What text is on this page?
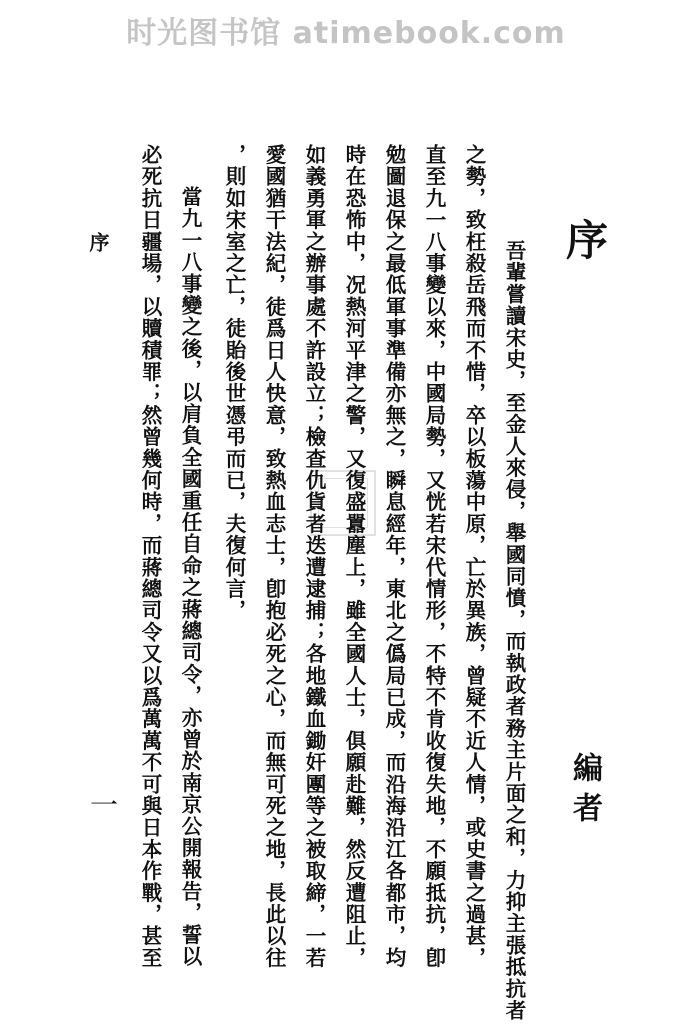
时光图书馆 atimebook.com
序	序
編者
一	吾輩嘗讀宋史，至金人來侵，舉國同憤，而執政者務主片面之和，力抑主張抵抗者
之勢，致枉殺岳飛而不惜，卒以板蕩中原，亡於異族，曾疑不近人情，或史書之過甚，
直至九一八事變以來，中國局勢，又恍若宋代情形，不特不肯收復失地，不願抵抗，卽
勉圖退保之最低軍事準備亦無之，瞬息經年，東北之僞局已成，而沿海沿江各都市，均
時在恐怖中，况熱河平津之警，又復盛囂塵上，雖全國人士，俱願赴難，然反遭阻止，
如義勇軍之辦事處不許設立；檢查仇貨者迭遭逮捕；各地鐵血鋤奸團等之被取締，一若
愛國猶干法紀，徒爲日人快意，致熱血志士，卽抱必死之心，而無可死之地，長此以往
，則如宋室之亡，徒貽後世憑弔而已，夫復何言，
當九一八事變之後，以肩負全國重任自命之蔣總司令，亦曾於南京公開報告，誓以
必死抗日疆場，以贖積罪；然曾幾何時，而蔣總司令又以爲萬萬不可與日本作戰，甚至
